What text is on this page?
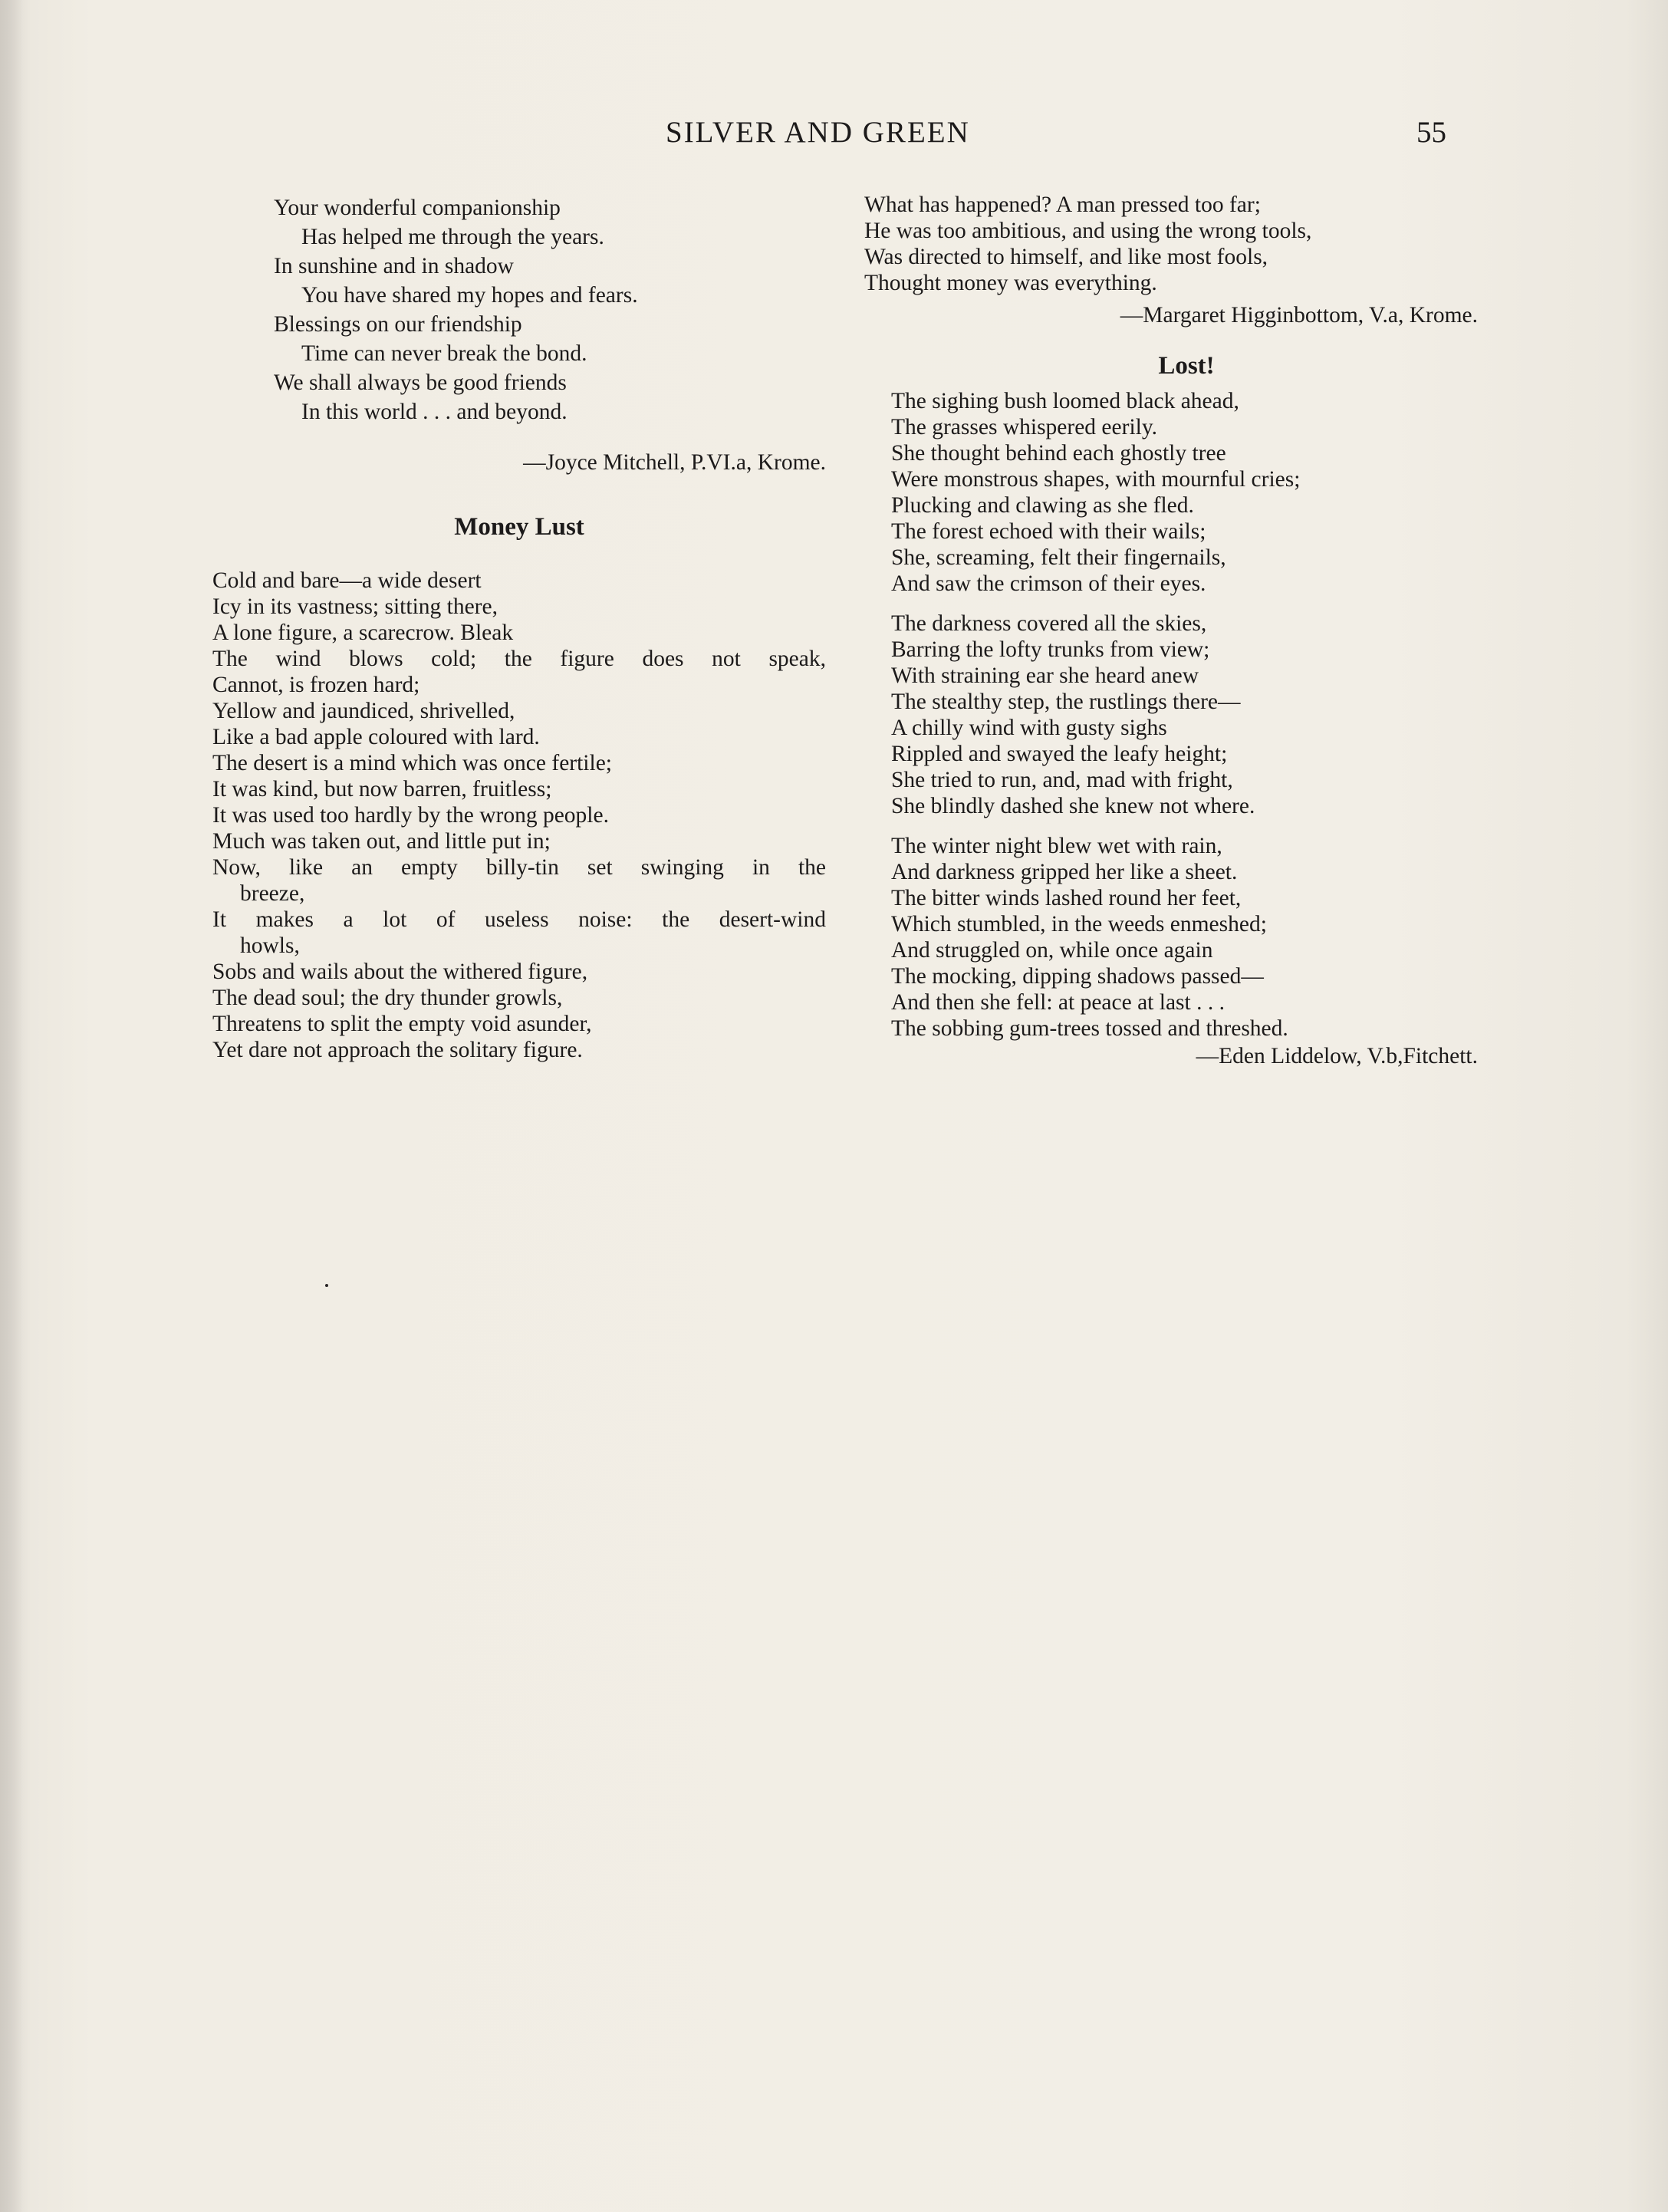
SILVER AND GREEN	55
Your wonderful companionship
Has helped me through the years.
In sunshine and in shadow
You have shared my hopes and fears.
Blessings on our friendship
Time can never break the bond.
We shall always be good friends
In this world . . . and beyond.
—Joyce Mitchell, P.VI.a, Krome.
Money Lust
Cold and bare—a wide desert
Icy in its vastness; sitting there,
A lone figure, a scarecrow. Bleak
The wind blows cold; the figure does not speak,
Cannot, is frozen hard;
Yellow and jaundiced, shrivelled,
Like a bad apple coloured with lard.
The desert is a mind which was once fertile;
It was kind, but now barren, fruitless;
It was used too hardly by the wrong people.
Much was taken out, and little put in;
Now, like an empty billy-tin set swinging in the
breeze,
It makes a lot of useless noise: the desert-wind
howls,
Sobs and wails about the withered figure,
The dead soul; the dry thunder growls,
Threatens to split the empty void asunder,
Yet dare not approach the solitary figure.
What has happened? A man pressed too far;
He was too ambitious, and using the wrong tools,
Was directed to himself, and like most fools,
Thought money was everything.
—Margaret Higginbottom, V.a, Krome.
Lost!
The sighing bush loomed black ahead,
The grasses whispered eerily.
She thought behind each ghostly tree
Were monstrous shapes, with mournful cries;
Plucking and clawing as she fled.
The forest echoed with their wails;
She, screaming, felt their fingernails,
And saw the crimson of their eyes.
The darkness covered all the skies,
Barring the lofty trunks from view;
With straining ear she heard anew
The stealthy step, the rustlings there—
A chilly wind with gusty sighs
Rippled and swayed the leafy height;
She tried to run, and, mad with fright,
She blindly dashed she knew not where.
The winter night blew wet with rain,
And darkness gripped her like a sheet.
The bitter winds lashed round her feet,
Which stumbled, in the weeds enmeshed;
And struggled on, while once again
The mocking, dipping shadows passed—
And then she fell: at peace at last . . .
The sobbing gum-trees tossed and threshed.
—Eden Liddelow, V.b,Fitchett.
